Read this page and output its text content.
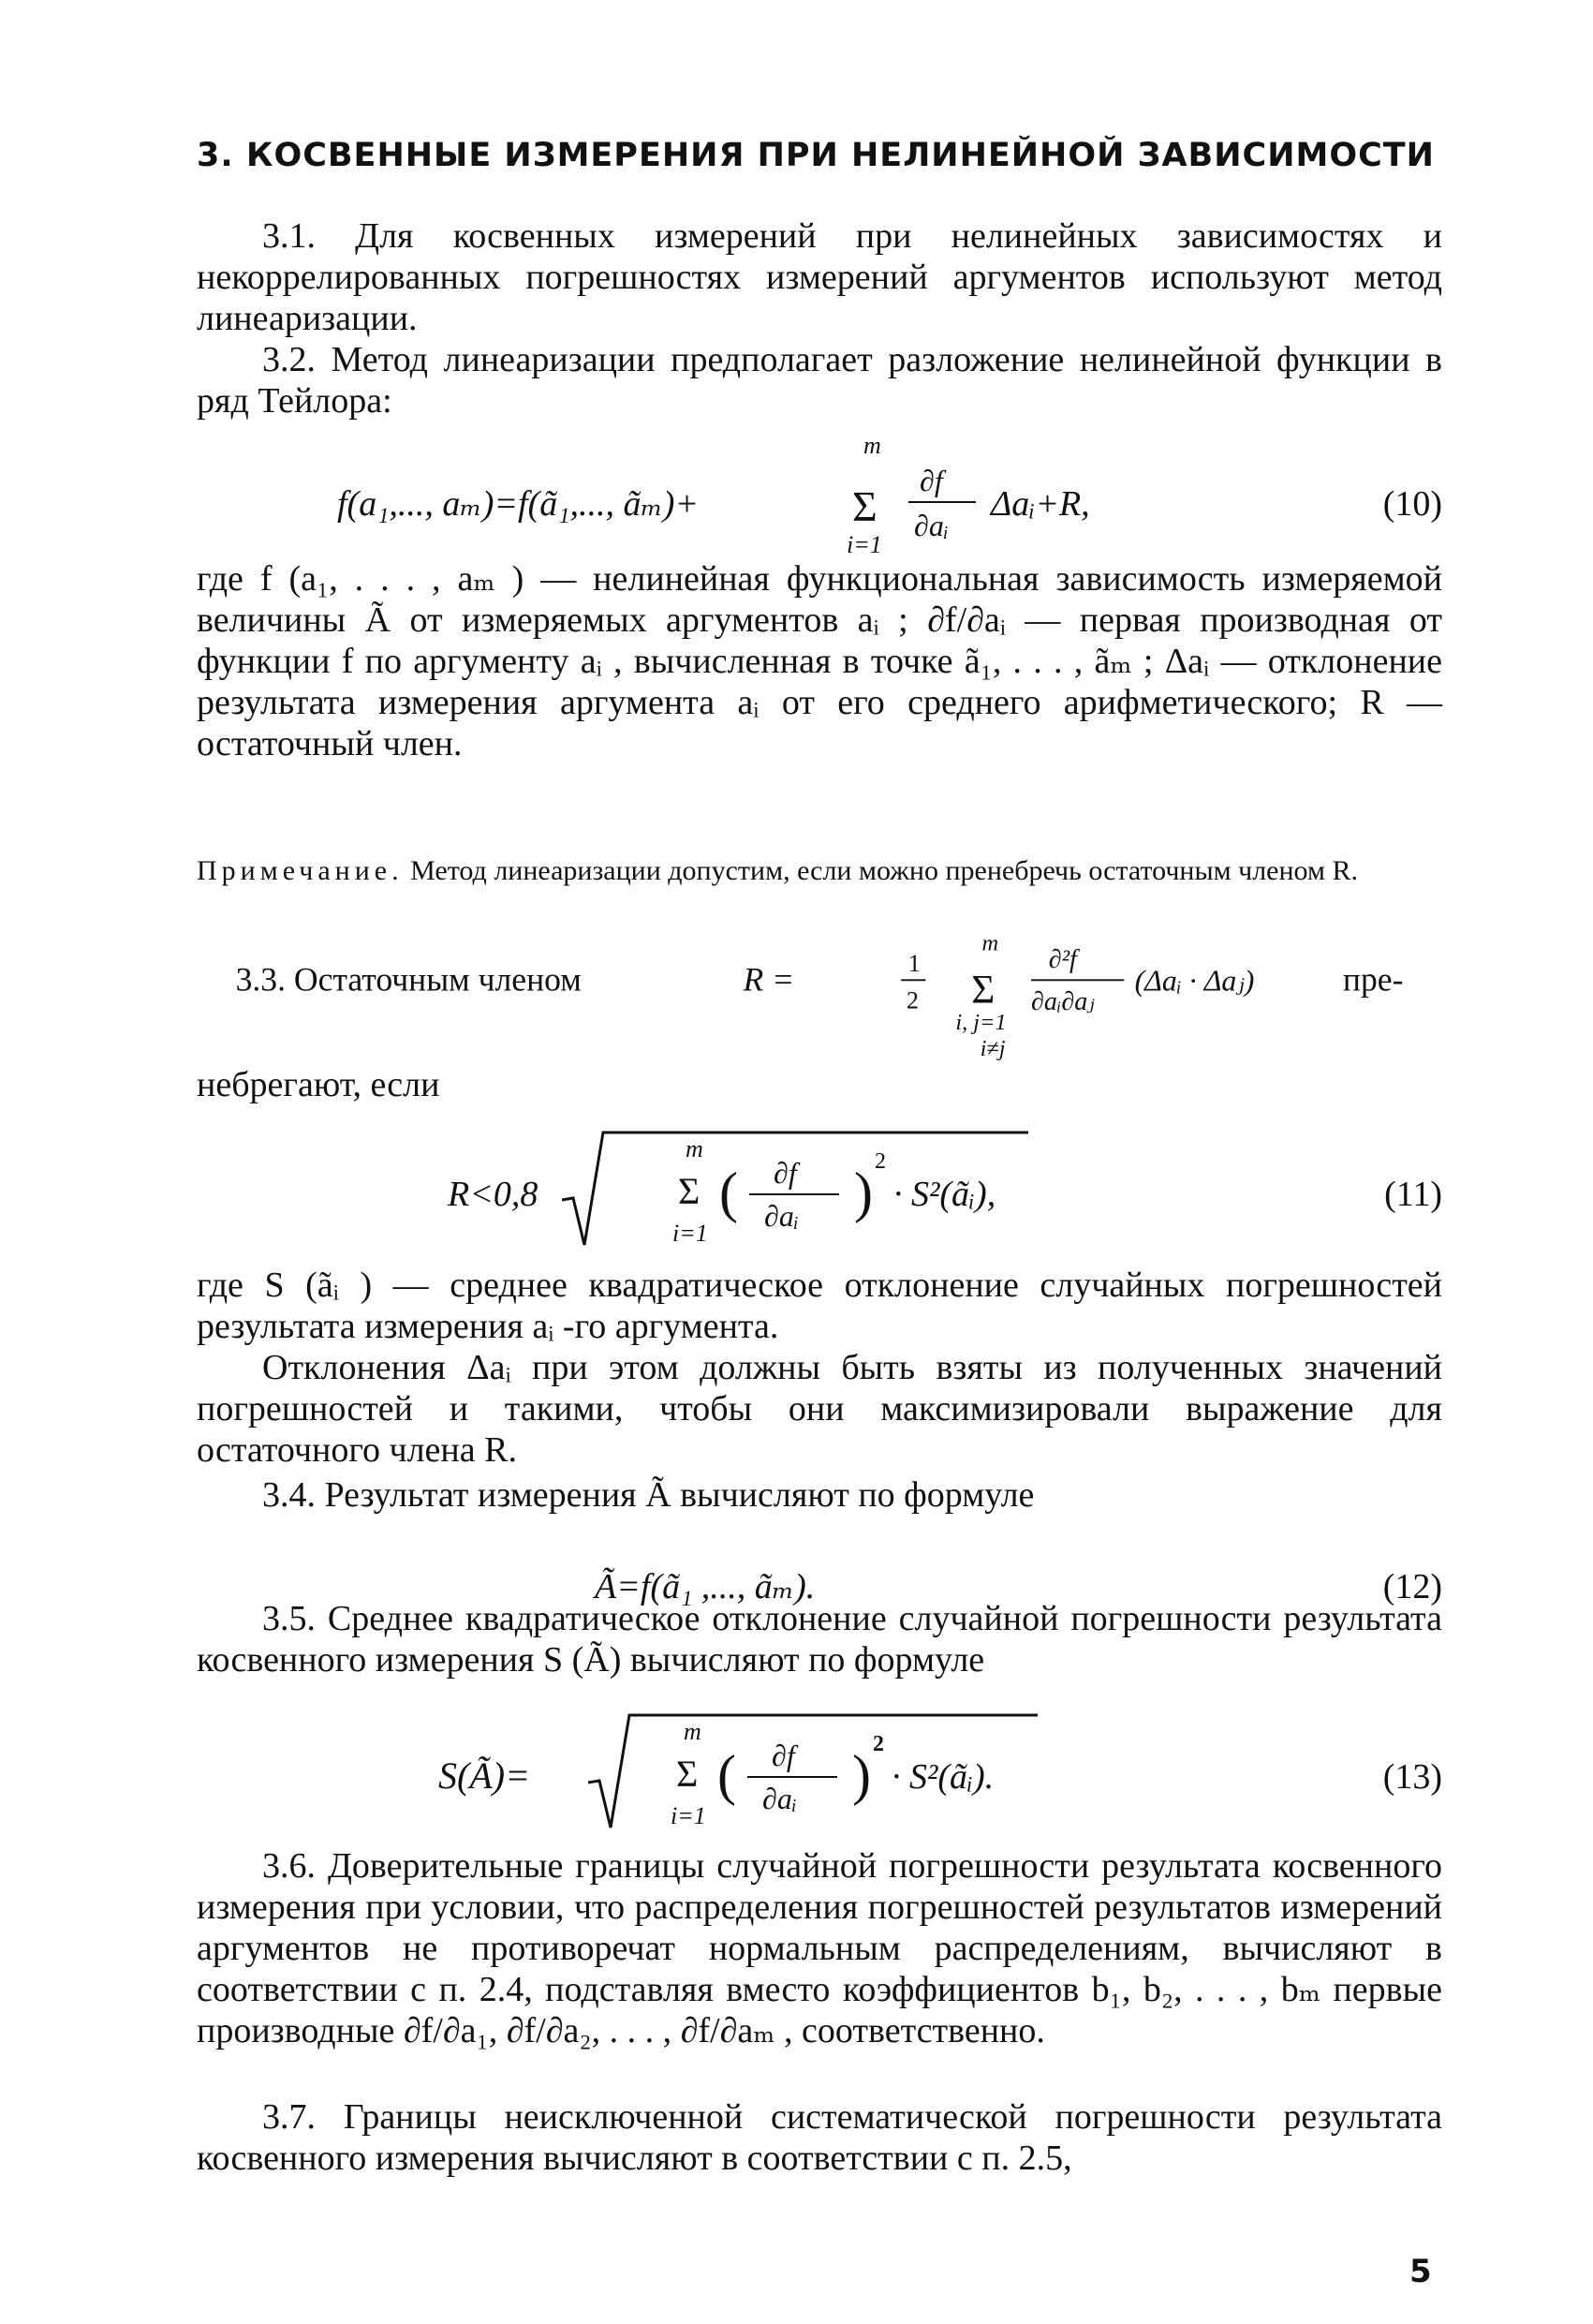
3. КОСВЕННЫЕ ИЗМЕРЕНИЯ ПРИ НЕЛИНЕЙНОЙ ЗАВИСИМОСТИ
3.1. Для косвенных измерений при нелинейных зависимостях и некоррелированных погрешностях измерений аргументов используют метод линеаризации.
3.2. Метод линеаризации предполагает разложение нелинейной функции в ряд Тейлора:
f(a₁,..., aₘ)=f(ã₁,..., ãₘ)+
m
Σ
i=1
∂f
∂aᵢ
Δaᵢ+R,	(10)
где f (a₁, . . . , aₘ ) — нелинейная функциональная зависимость измеряемой величины Ã от измеряемых аргументов aᵢ ; ∂f/∂aᵢ — первая производная от функции f по аргументу aᵢ , вычисленная в точке ã₁, . . . , ãₘ ; Δaᵢ — отклонение результата измерения аргумента aᵢ от его среднего арифметического; R — остаточный член.
Примечание. Метод линеаризации допустим, если можно пренебречь остаточным членом R.
3.3. Остаточным членом	R =	1
2
m
Σ
i, j=1
i≠j
∂²f
∂aᵢ∂aⱼ
(Δaᵢ · Δaⱼ) пре-
небрегают, если
R<0,8
m
Σ
i=1
( ∂f
∂aᵢ ) 2
· S²(ãᵢ),	(11)
где S (ãᵢ ) — среднее квадратическое отклонение случайных погрешностей результата измерения aᵢ -го аргумента.
Отклонения Δaᵢ при этом должны быть взяты из полученных значений погрешностей и такими, чтобы они максимизировали выражение для остаточного члена R.
3.4. Результат измерения Ã вычисляют по формуле
Ã=f(ã₁ ,..., ãₘ).	(12)
3.5. Среднее квадратическое отклонение случайной погрешности результата косвенного измерения S (Ã) вычисляют по формуле
S(Ã)=
m
Σ
i=1
( ∂f
∂aᵢ ) 2
· S²(ãᵢ).	(13)
3.6. Доверительные границы случайной погрешности результата косвенного измерения при условии, что распределения погрешностей результатов измерений аргументов не противоречат нормальным распределениям, вычисляют в соответствии с п. 2.4, подставляя вместо коэффициентов b₁, b₂, . . . , bₘ первые производные ∂f/∂a₁, ∂f/∂a₂, . . . , ∂f/∂aₘ , соответственно.
3.7. Границы неисключенной систематической погрешности результата косвенного измерения вычисляют в соответствии с п. 2.5,
5
